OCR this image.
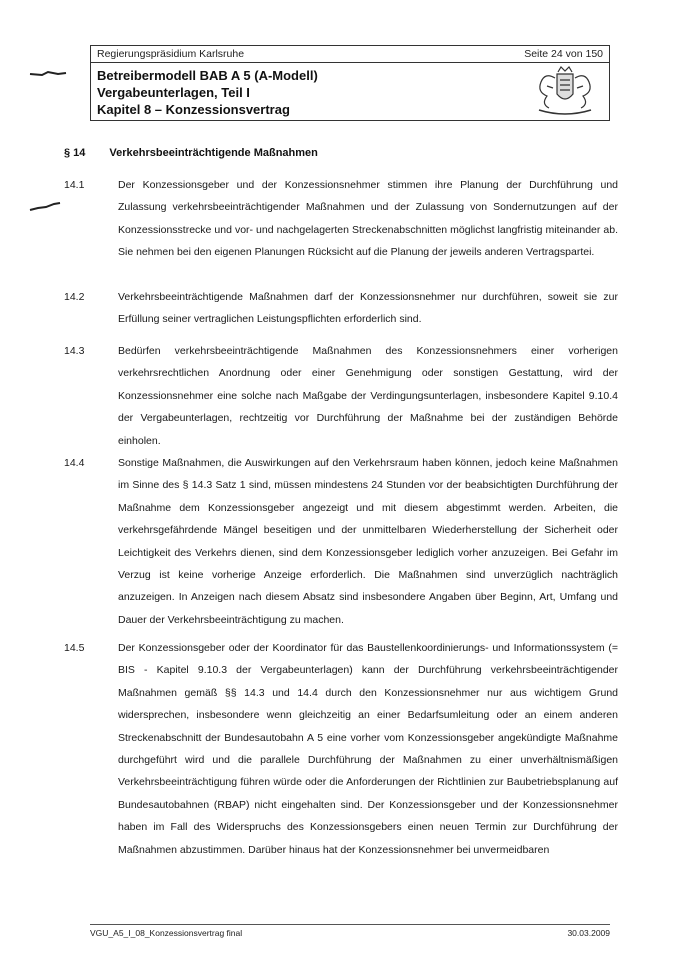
Regierungspräsidium Karlsruhe	Seite 24 von 150
Betreibermodell BAB A 5 (A-Modell)
Vergabeunterlagen, Teil I
Kapitel 8 – Konzessionsvertrag
§ 14 Verkehrsbeeinträchtigende Maßnahmen
14.1	Der Konzessionsgeber und der Konzessionsnehmer stimmen ihre Planung der Durchführung und Zulassung verkehrsbeeinträchtigender Maßnahmen und der Zulassung von Sondernutzungen auf der Konzessionsstrecke und vor- und nachgelagerten Streckenabschnitten möglichst langfristig miteinander ab. Sie nehmen bei den eigenen Planungen Rücksicht auf die Planung der jeweils anderen Vertragspartei.

14.2	Verkehrsbeeinträchtigende Maßnahmen darf der Konzessionsnehmer nur durchführen, soweit sie zur Erfüllung seiner vertraglichen Leistungspflichten erforderlich sind.

14.3	Bedürfen verkehrsbeeinträchtigende Maßnahmen des Konzessionsnehmers einer vorherigen verkehrsrechtlichen Anordnung oder einer Genehmigung oder sonstigen Gestattung, wird der Konzessionsnehmer eine solche nach Maßgabe der Verdingungsunterlagen, insbesondere Kapitel 9.10.4 der Vergabeunterlagen, rechtzeitig vor Durchführung der Maßnahme bei der zuständigen Behörde einholen.

14.4	Sonstige Maßnahmen, die Auswirkungen auf den Verkehrsraum haben können, jedoch keine Maßnahmen im Sinne des § 14.3 Satz 1 sind, müssen mindestens 24 Stunden vor der beabsichtigten Durchführung der Maßnahme dem Konzessionsgeber angezeigt und mit diesem abgestimmt werden. Arbeiten, die verkehrsgefährdende Mängel beseitigen und der unmittelbaren Wiederherstellung der Sicherheit oder Leichtigkeit des Verkehrs dienen, sind dem Konzessionsgeber lediglich vorher anzuzeigen. Bei Gefahr im Verzug ist keine vorherige Anzeige erforderlich. Die Maßnahmen sind unverzüglich nachträglich anzuzeigen. In Anzeigen nach diesem Absatz sind insbesondere Angaben über Beginn, Art, Umfang und Dauer der Verkehrsbeeinträchtigung zu machen.

14.5	Der Konzessionsgeber oder der Koordinator für das Baustellenkoordinierungs- und Informationssystem (= BIS - Kapitel 9.10.3 der Vergabeunterlagen) kann der Durchführung verkehrsbeeinträchtigender Maßnahmen gemäß §§ 14.3 und 14.4 durch den Konzessionsnehmer nur aus wichtigem Grund widersprechen, insbesondere wenn gleichzeitig an einer Bedarfsumleitung oder an einem anderen Streckenabschnitt der Bundesautobahn A 5 eine vorher vom Konzessionsgeber angekündigte Maßnahme durchgeführt wird und die parallele Durchführung der Maßnahmen zu einer unverhältnismäßigen Verkehrsbeeinträchtigung führen würde oder die Anforderungen der Richtlinien zur Baubetriebsplanung auf Bundesautobahnen (RBAP) nicht eingehalten sind. Der Konzessionsgeber und der Konzessionsnehmer haben im Fall des Widerspruchs des Konzessionsgebers einen neuen Termin zur Durchführung der Maßnahmen abzustimmen. Darüber hinaus hat der Konzessionsnehmer bei unvermeidbaren

VGU_A5_I_08_Konzessionsvertrag final	30.03.2009
